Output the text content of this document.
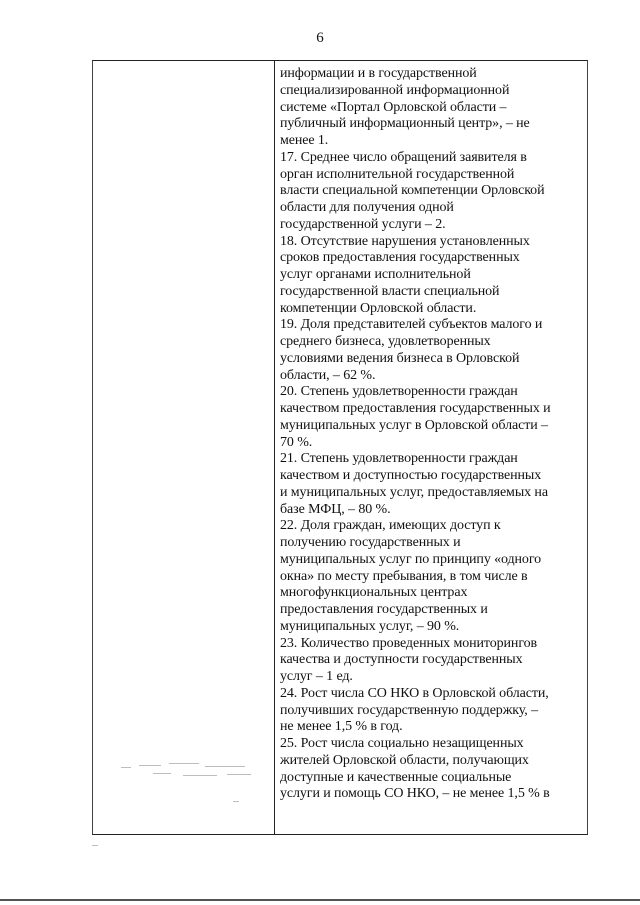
6
информации и в государственной
специализированной информационной
системе «Портал Орловской области –
публичный информационный центр», – не
менее 1.
17. Среднее число обращений заявителя в
орган исполнительной государственной
власти специальной компетенции Орловской
области для получения одной
государственной услуги – 2.
18. Отсутствие нарушения установленных
сроков предоставления государственных
услуг органами исполнительной
государственной власти специальной
компетенции Орловской области.
19. Доля представителей субъектов малого и
среднего бизнеса, удовлетворенных
условиями ведения бизнеса в Орловской
области, – 62 %.
20. Степень удовлетворенности граждан
качеством предоставления государственных и
муниципальных услуг в Орловской области –
70 %.
21. Степень удовлетворенности граждан
качеством и доступностью государственных
и муниципальных услуг, предоставляемых на
базе МФЦ, – 80 %.
22. Доля граждан, имеющих доступ к
получению государственных и
муниципальных услуг по принципу «одного
окна» по месту пребывания, в том числе в
многофункциональных центрах
предоставления государственных и
муниципальных услуг, – 90 %.
23. Количество проведенных мониторингов
качества и доступности государственных
услуг – 1 ед.
24. Рост числа СО НКО в Орловской области,
получивших государственную поддержку, –
не менее 1,5 % в год.
25. Рост числа социально незащищенных
жителей Орловской области, получающих
доступные и качественные социальные
услуги и помощь СО НКО, – не менее 1,5 % в
